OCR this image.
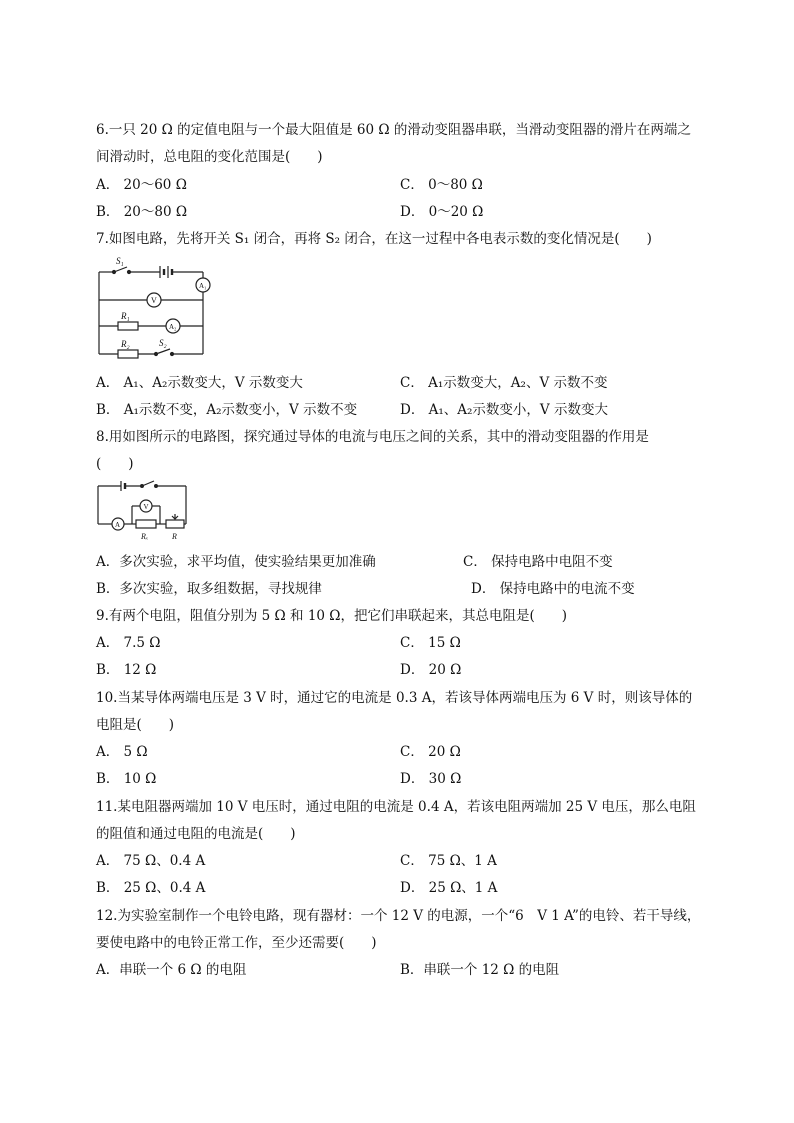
6.一只 20 Ω 的定值电阻与一个最大阻值是 60 Ω 的滑动变阻器串联，当滑动变阻器的滑片在两端之
间滑动时，总电阻的变化范围是(　　)
A． 20～60 Ω	C． 0～80 Ω
B． 20～80 Ω	D． 0～20 Ω
7.如图电路，先将开关 S₁ 闭合，再将 S₂ 闭合，在这一过程中各电表示数的变化情况是(　　)
S₁
A₁
V
R₁
A₂
R₂	S₂
A． A₁、A₂示数变大，V 示数变大	C． A₁示数变大，A₂、V 示数不变
B． A₁示数不变，A₂示数变小，V 示数不变	D． A₁、A₂示数变小，V 示数变大
8.用如图所示的电路图，探究通过导体的电流与电压之间的关系，其中的滑动变阻器的作用是
(　　)
V
A
Rₓ	R
A．多次实验，求平均值，使实验结果更加准确	C． 保持电路中电阻不变
B．多次实验，取多组数据，寻找规律	D． 保持电路中的电流不变
9.有两个电阻，阻值分别为 5 Ω 和 10 Ω，把它们串联起来，其总电阻是(　　)
A． 7.5 Ω	C． 15 Ω
B． 12 Ω	D． 20 Ω
10.当某导体两端电压是 3 V 时，通过它的电流是 0.3 A，若该导体两端电压为 6 V 时，则该导体的
电阻是(　　)
A． 5 Ω	C． 20 Ω
B． 10 Ω	D． 30 Ω
11.某电阻器两端加 10 V 电压时，通过电阻的电流是 0.4 A，若该电阻两端加 25 V 电压，那么电阻
的阻值和通过电阻的电流是(　　)
A． 75 Ω、0.4 A	C． 75 Ω、1 A
B． 25 Ω、0.4 A	D． 25 Ω、1 A
12.为实验室制作一个电铃电路，现有器材：一个 12 V 的电源，一个“6　V 1 A”的电铃、若干导线，
要使电路中的电铃正常工作，至少还需要(　　)
A．串联一个 6 Ω 的电阻	B．串联一个 12 Ω 的电阻
